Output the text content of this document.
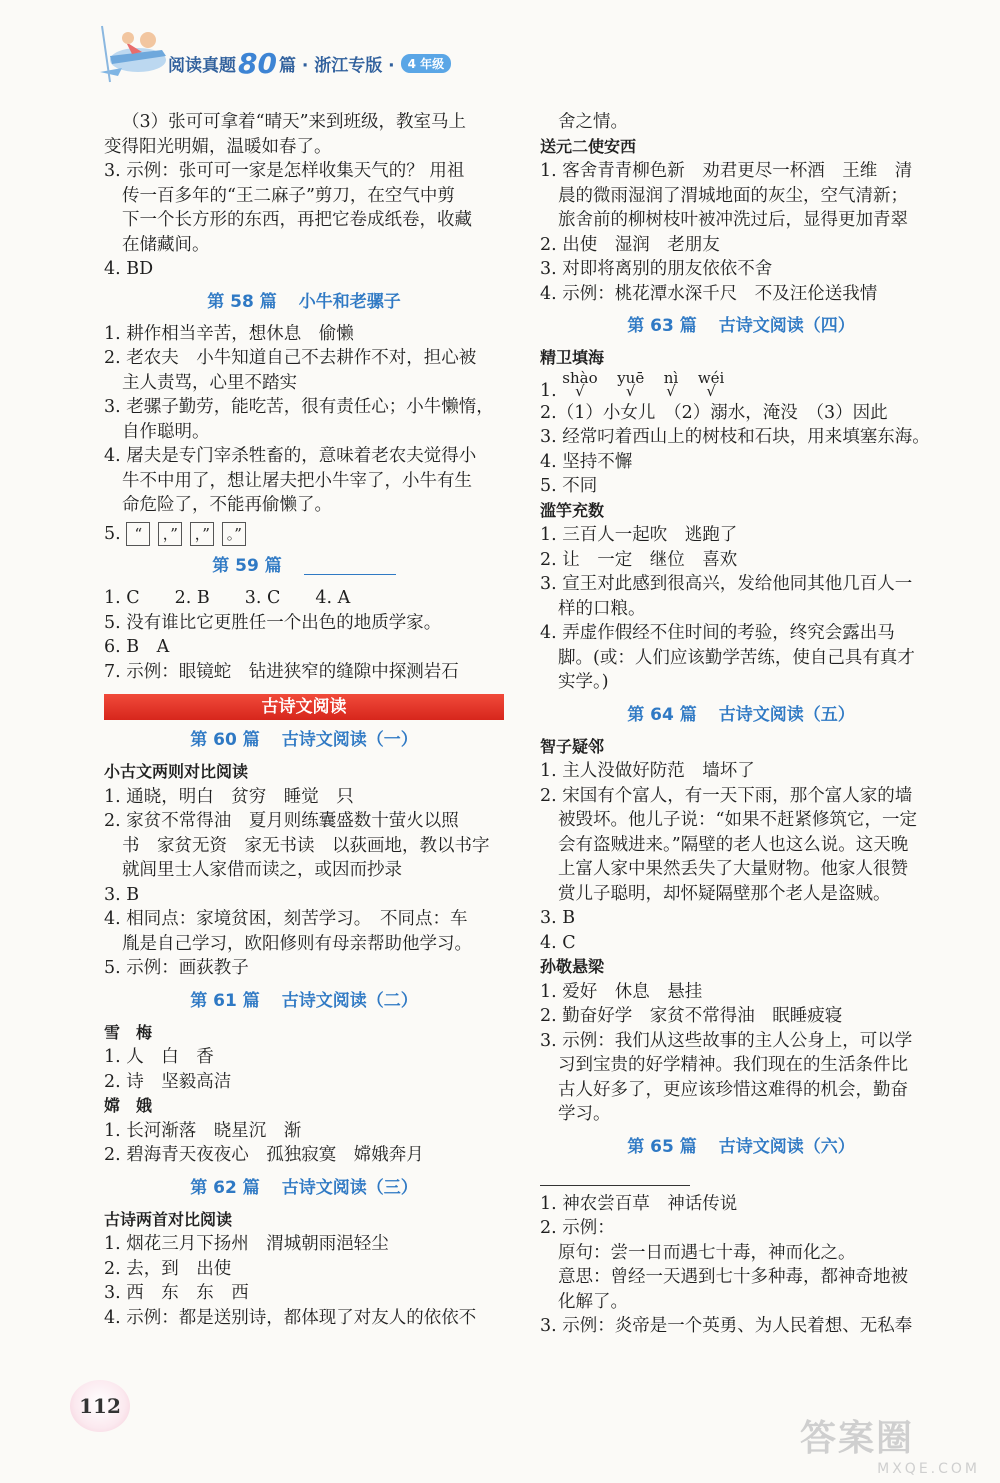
阅读真题 80 篇 · 浙江专版 ·	4 年级
（3）张可可拿着“晴天”来到班级，教室马上
变得阳光明媚，温暖如春了。
3. 示例：张可可一家是怎样收集天气的？ 用祖
传一百多年的“王二麻子”剪刀，在空气中剪
下一个长方形的东西，再把它卷成纸卷，收藏
在储藏间。
4. BD
第 58 篇 小牛和老骡子
1. 耕作相当辛苦，想休息　偷懒
2. 老农夫　小牛知道自己不去耕作不对，担心被
主人责骂，心里不踏实
3. 老骡子勤劳，能吃苦，很有责任心；小牛懒惰，
自作聪明。
4. 屠夫是专门宰杀牲畜的，意味着老农夫觉得小
牛不中用了，想让屠夫把小牛宰了，小牛有生
命危险了，不能再偷懒了。
5. “	，” ，” 。”
第 59 篇
1. C　　2. B　　3. C　　4. A
5. 没有谁比它更胜任一个出色的地质学家。
6. B　A
7. 示例：眼镜蛇　钻进狭窄的缝隙中探测岩石
古诗文阅读
第 60 篇 古诗文阅读（一）
小古文两则对比阅读
1. 通晓，明白　贫穷　睡觉　只
2. 家贫不常得油　夏月则练囊盛数十萤火以照
书　家贫无资　家无书读　以荻画地，教以书字
就闾里士人家借而读之，或因而抄录
3. B
4. 相同点：家境贫困，刻苦学习。　不同点：车
胤是自己学习，欧阳修则有母亲帮助他学习。
5. 示例：画荻教子
第 61 篇 古诗文阅读（二）
雪　梅
1. 人　白　香
2. 诗　坚毅高洁
嫦　娥
1. 长河渐落　晓星沉　渐
2. 碧海青天夜夜心　孤独寂寞　嫦娥奔月
第 62 篇 古诗文阅读（三）
古诗两首对比阅读
1. 烟花三月下扬州　渭城朝雨浥轻尘
2. 去，到　出使
3. 西　东　东　西
4. 示例：都是送别诗，都体现了对友人的依依不
舍之情。
送元二使安西
1. 客舍青青柳色新　劝君更尽一杯酒　王维　清
晨的微雨湿润了渭城地面的灰尘，空气清新；
旅舍前的柳树枝叶被冲洗过后，显得更加青翠
2. 出使　湿润　老朋友
3. 对即将离别的朋友依依不舍
4. 示例：桃花潭水深千尺　不及汪伦送我情
第 63 篇 古诗文阅读（四）
精卫填海
1.
shào
√

yuē
√

nì
√

wéi
√
2.（1）小女儿　（2）溺水，淹没　（3）因此
3. 经常叼着西山上的树枝和石块，用来填塞东海。
4. 坚持不懈
5. 不同
滥竽充数
1. 三百人一起吹　逃跑了
2. 让　一定　继位　喜欢
3. 宣王对此感到很高兴，发给他同其他几百人一
样的口粮。
4. 弄虚作假经不住时间的考验，终究会露出马
脚。(或：人们应该勤学苦练，使自己具有真才
实学。)
第 64 篇 古诗文阅读（五）
智子疑邻
1. 主人没做好防范　墙坏了
2. 宋国有个富人，有一天下雨，那个富人家的墙
被毁坏。他儿子说：“如果不赶紧修筑它，一定
会有盗贼进来。”隔壁的老人也这么说。这天晚
上富人家中果然丢失了大量财物。他家人很赞
赏儿子聪明，却怀疑隔壁那个老人是盗贼。
3. B
4. C
孙敬悬梁
1. 爱好　休息　悬挂
2. 勤奋好学　家贫不常得油　眠睡疲寝
3. 示例：我们从这些故事的主人公身上，可以学
习到宝贵的好学精神。我们现在的生活条件比
古人好多了，更应该珍惜这难得的机会，勤奋
学习。
第 65 篇 古诗文阅读（六）
1. 神农尝百草　神话传说
2. 示例：
原句：尝一日而遇七十毒，神而化之。
意思：曾经一天遇到七十多种毒，都神奇地被
化解了。
3. 示例：炎帝是一个英勇、为人民着想、无私奉
112
答案圈
MXQE.COM
